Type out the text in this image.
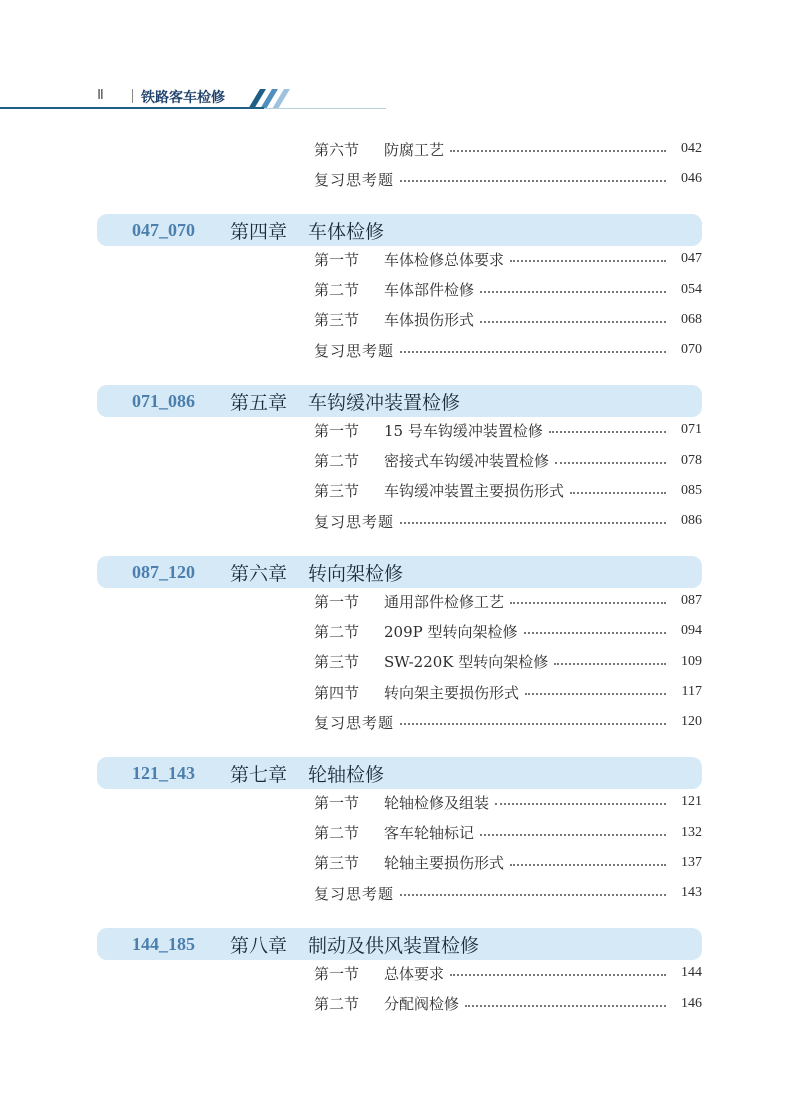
Ⅱ	铁路客车检修
第六节	防腐工艺	042
复习思考题	046
047_070	第四章	车体检修
第一节	车体检修总体要求	047
第二节	车体部件检修	054
第三节	车体损伤形式	068
复习思考题	070
071_086	第五章	车钩缓冲装置检修
第一节	15 号车钩缓冲装置检修	071
第二节	密接式车钩缓冲装置检修	078
第三节	车钩缓冲装置主要损伤形式	085
复习思考题	086
087_120	第六章	转向架检修
第一节	通用部件检修工艺	087
第二节	209P 型转向架检修	094
第三节	SW-220K 型转向架检修	109
第四节	转向架主要损伤形式	117
复习思考题	120
121_143	第七章	轮轴检修
第一节	轮轴检修及组装	121
第二节	客车轮轴标记	132
第三节	轮轴主要损伤形式	137
复习思考题	143
144_185	第八章	制动及供风装置检修
第一节	总体要求	144
第二节	分配阀检修	146
